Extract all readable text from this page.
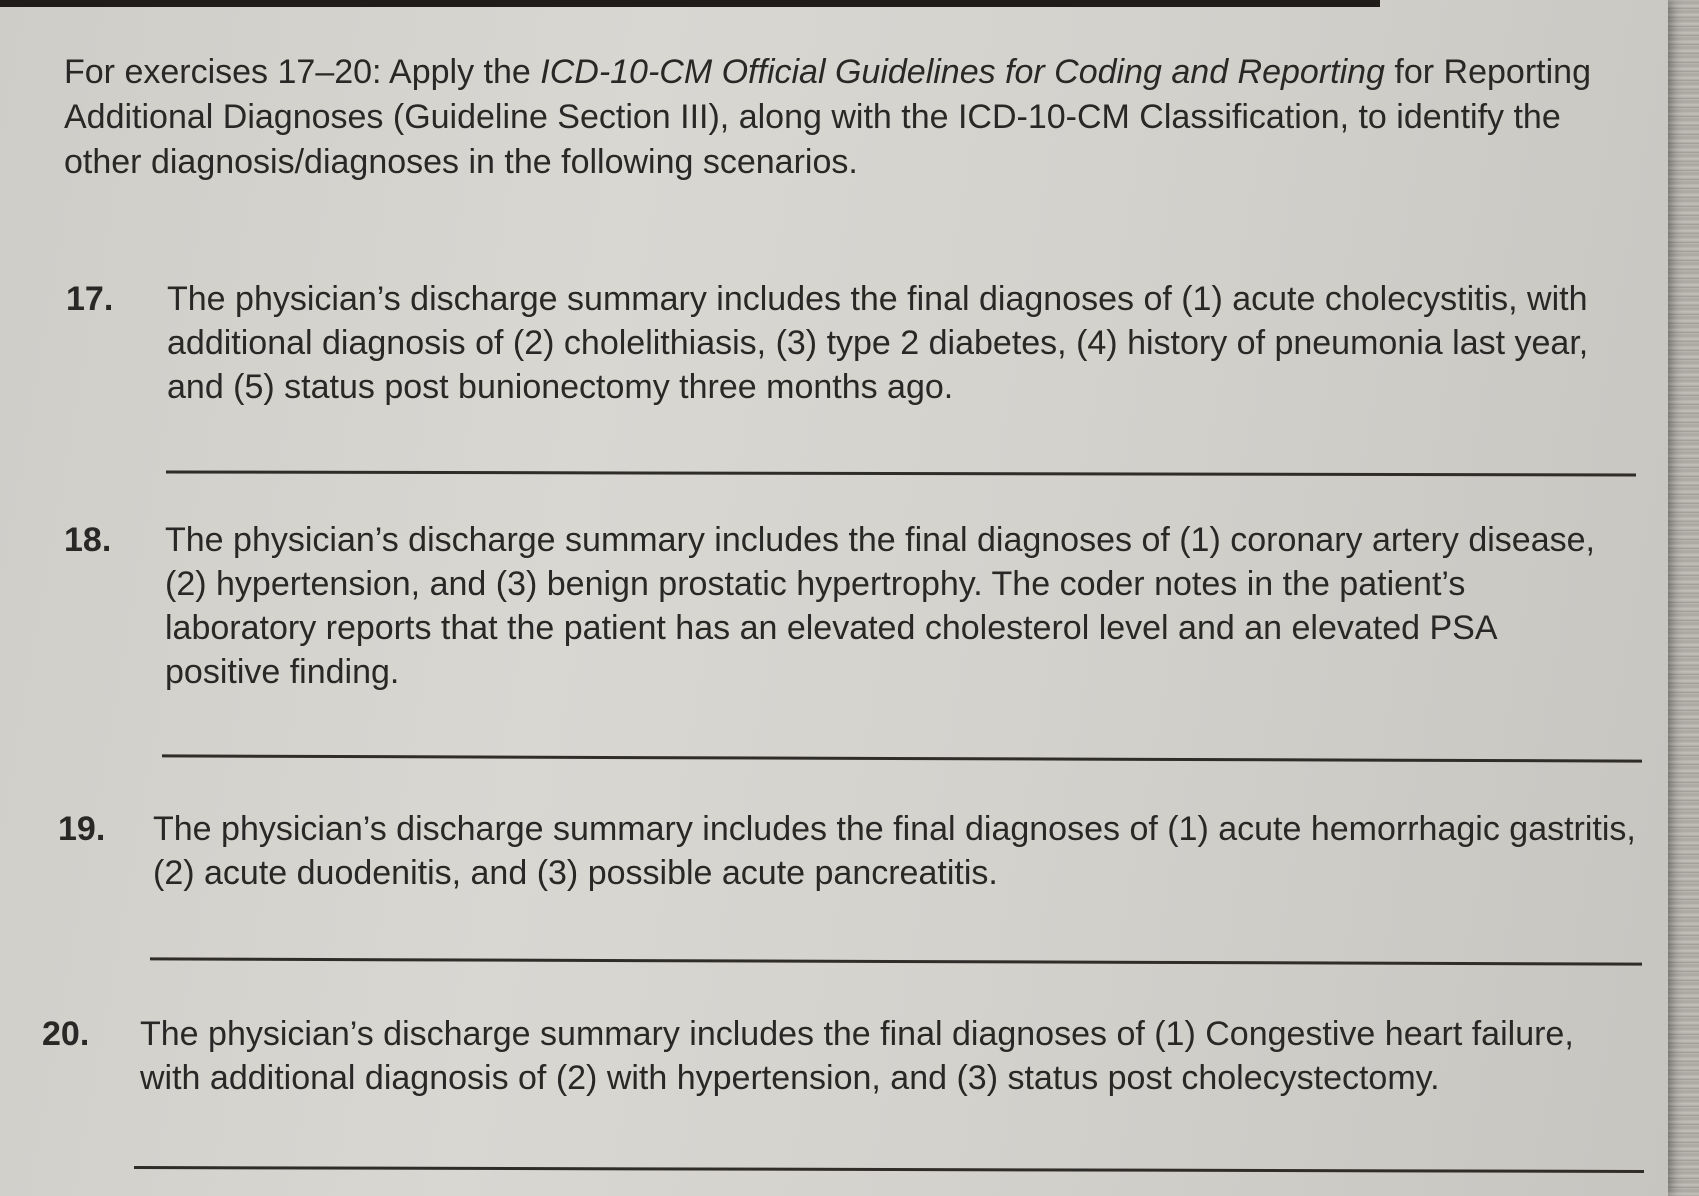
For exercises 17–20: Apply the ICD-10-CM Official Guidelines for Coding and Reporting for Reporting Additional Diagnoses (Guideline Section III), along with the ICD-10-CM Classification, to identify the other diagnosis/diagnoses in the following scenarios.

17.	The physician’s discharge summary includes the final diagnoses of (1) acute cholecystitis, with additional diagnosis of (2) cholelithiasis, (3) type 2 diabetes, (4) history of pneumonia last year, and (5) status post bunionectomy three months ago.

18.	The physician’s discharge summary includes the final diagnoses of (1) coronary artery disease, (2) hypertension, and (3) benign prostatic hypertrophy. The coder notes in the patient’s laboratory reports that the patient has an elevated cholesterol level and an elevated PSA positive finding.

19.	The physician’s discharge summary includes the final diagnoses of (1) acute hemorrhagic gastritis, (2) acute duodenitis, and (3) possible acute pancreatitis.

20.	The physician’s discharge summary includes the final diagnoses of (1) Congestive heart failure, with additional diagnosis of (2) with hypertension, and (3) status post cholecystectomy.
